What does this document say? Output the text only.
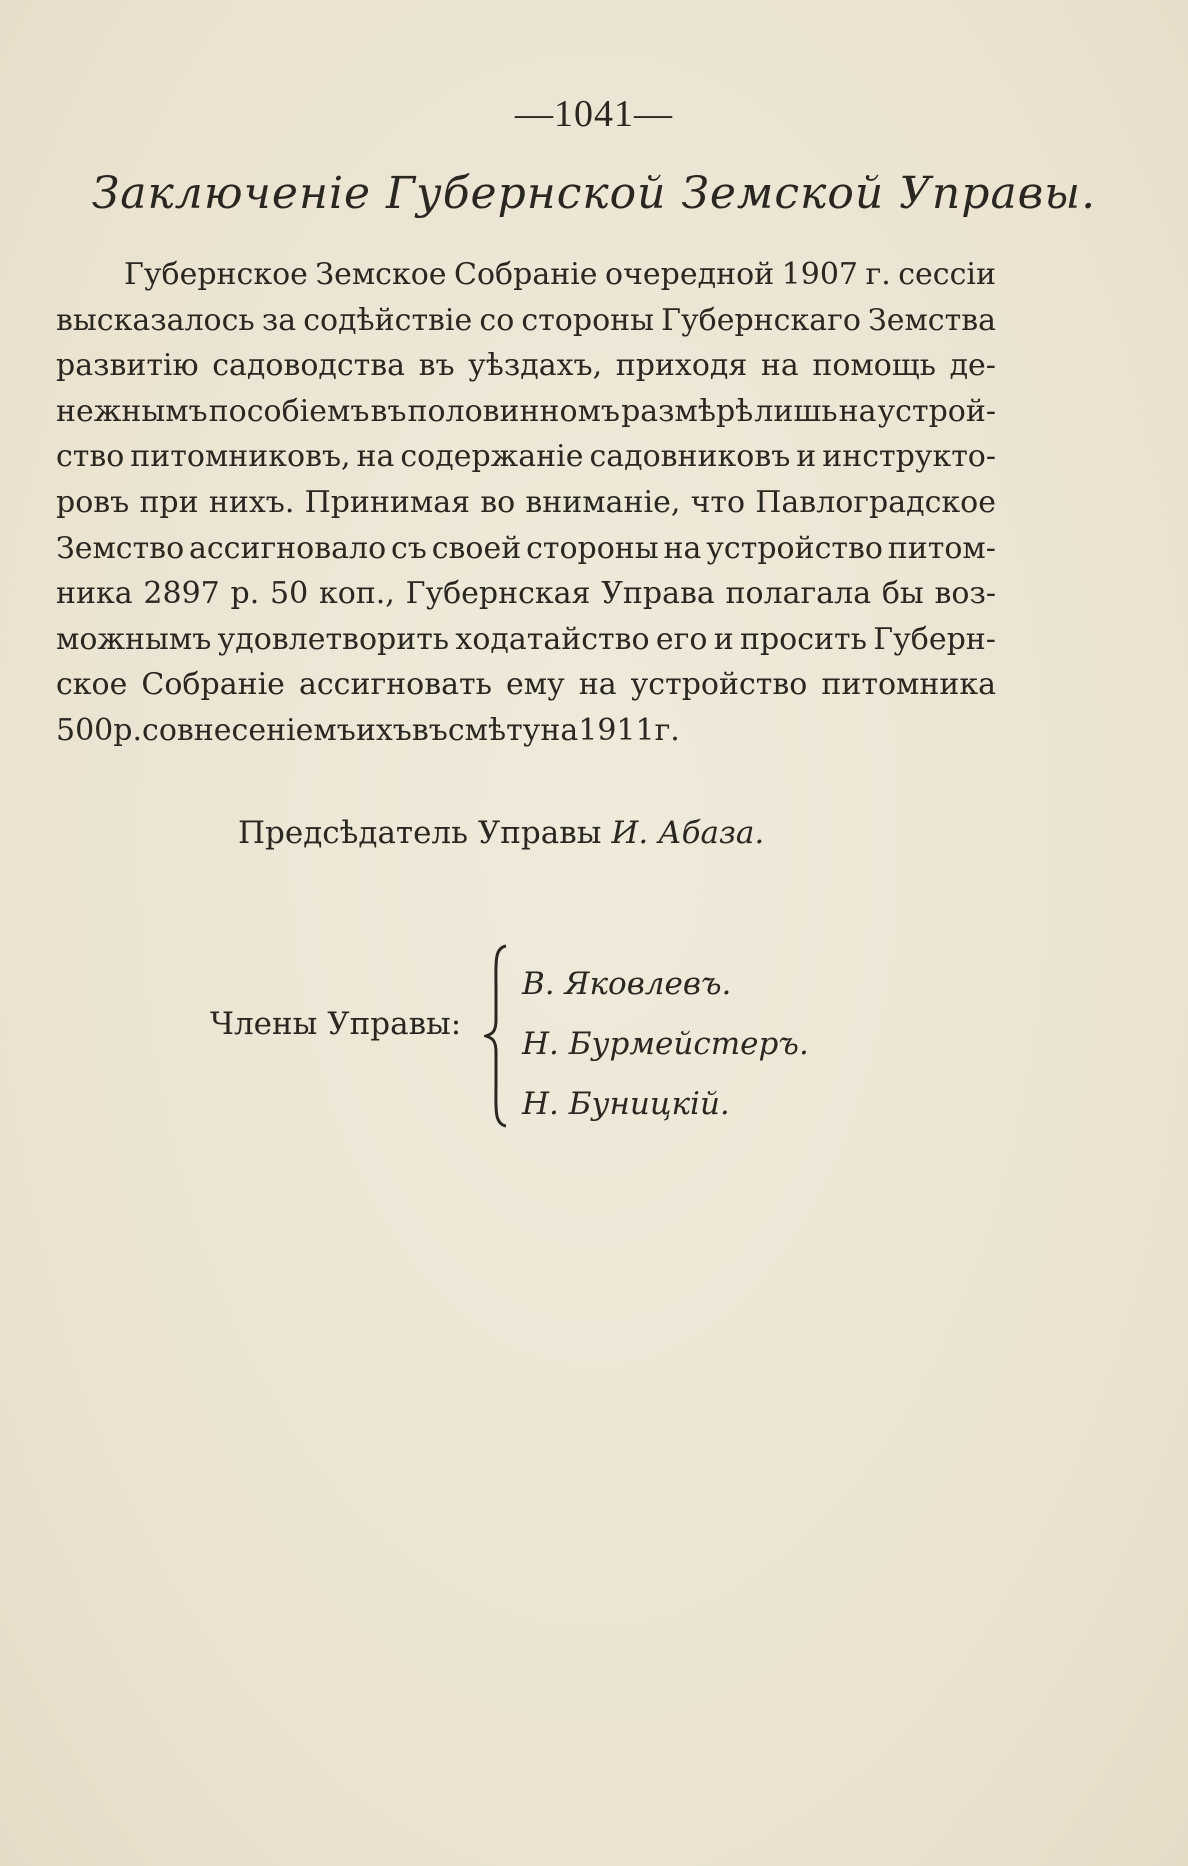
—1041—
Заключеніе Губернской Земской Управы.
Губернское Земское Собраніе очередной 1907 г. сессіи
высказалось за содѣйствіе со стороны Губернскаго Земства
развитію садоводства въ уѣздахъ, приходя на помощь де-
нежнымъ пособіемъ въ половинномъ размѣрѣ лишь на устрой-
ство питомниковъ, на содержаніе садовниковъ и инструкто-
ровъ при нихъ. Принимая во вниманіе, что Павлоградское
Земство ассигновало съ своей стороны на устройство питом-
ника 2897 р. 50 коп., Губернская Управа полагала бы воз-
можнымъ удовлетворить ходатайство его и просить Губерн-
ское Собраніе ассигновать ему на устройство питомника
500 р. со внесеніемъ ихъ въ смѣту на 1911 г.
Предсѣдатель Управы И. Абаза.
Члены Управы:
В. Яковлевъ.
Н. Бурмейстеръ.
Н. Буницкій.
